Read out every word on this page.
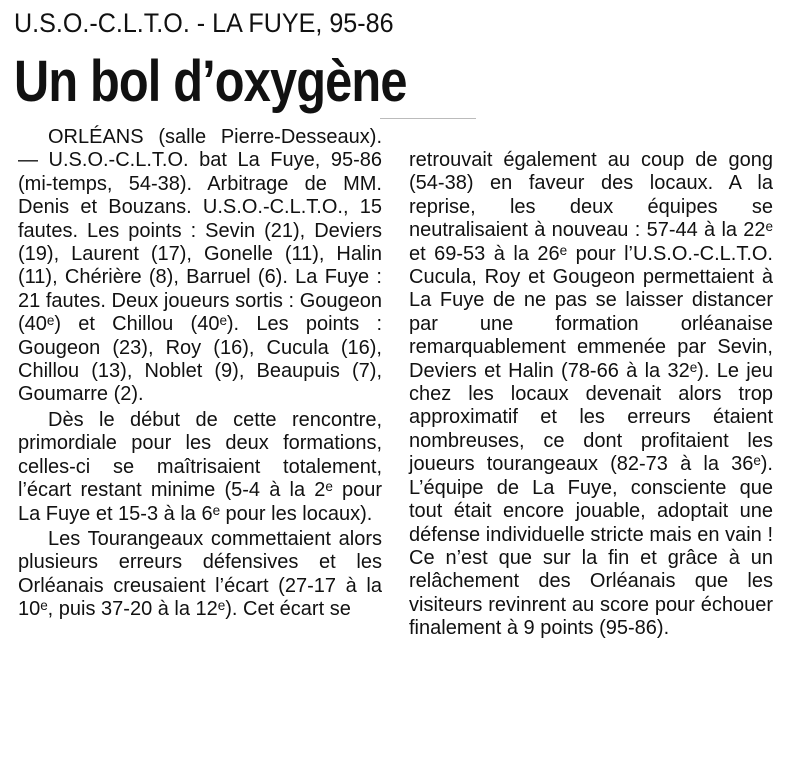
U.S.O.-C.L.T.O. - LA FUYE, 95-86
Un bol d’oxygène

ORLÉANS (salle Pierre-Desseaux). — U.S.O.-C.L.T.O. bat La Fuye, 95-86 (mi-temps, 54-38). Arbitrage de MM. Denis et Bouzans. U.S.O.-C.L.T.O., 15 fautes. Les points : Sevin (21), Deviers (19), Laurent (17), Gonelle (11), Halin (11), Chérière (8), Barruel (6). La Fuye : 21 fautes. Deux joueurs sortis : Gougeon (40ᵉ) et Chillou (40ᵉ). Les points : Gougeon (23), Roy (16), Cucula (16), Chillou (13), Noblet (9), Beaupuis (7), Goumarre (2).

Dès le début de cette rencontre, primordiale pour les deux formations, celles-ci se maîtrisaient totalement, l’écart restant minime (5-4 à la 2ᵉ pour La Fuye et 15-3 à la 6ᵉ pour les locaux).

Les Tourangeaux commettaient alors plusieurs erreurs défensives et les Orléanais creusaient l’écart (27-17 à la 10ᵉ, puis 37-20 à la 12ᵉ). Cet écart se

retrouvait également au coup de gong (54-38) en faveur des locaux. A la reprise, les deux équipes se neutralisaient à nouveau : 57-44 à la 22ᵉ et 69-53 à la 26ᵉ pour l’U.S.O.-C.L.T.O. Cucula, Roy et Gougeon permettaient à La Fuye de ne pas se laisser distancer par une formation orléanaise remarquablement emmenée par Sevin, Deviers et Halin (78-66 à la 32ᵉ). Le jeu chez les locaux devenait alors trop approximatif et les erreurs étaient nombreuses, ce dont profitaient les joueurs tourangeaux (82-73 à la 36ᵉ). L’équipe de La Fuye, consciente que tout était encore jouable, adoptait une défense individuelle stricte mais en vain ! Ce n’est que sur la fin et grâce à un relâchement des Orléanais que les visiteurs revinrent au score pour échouer finalement à 9 points (95-86).
